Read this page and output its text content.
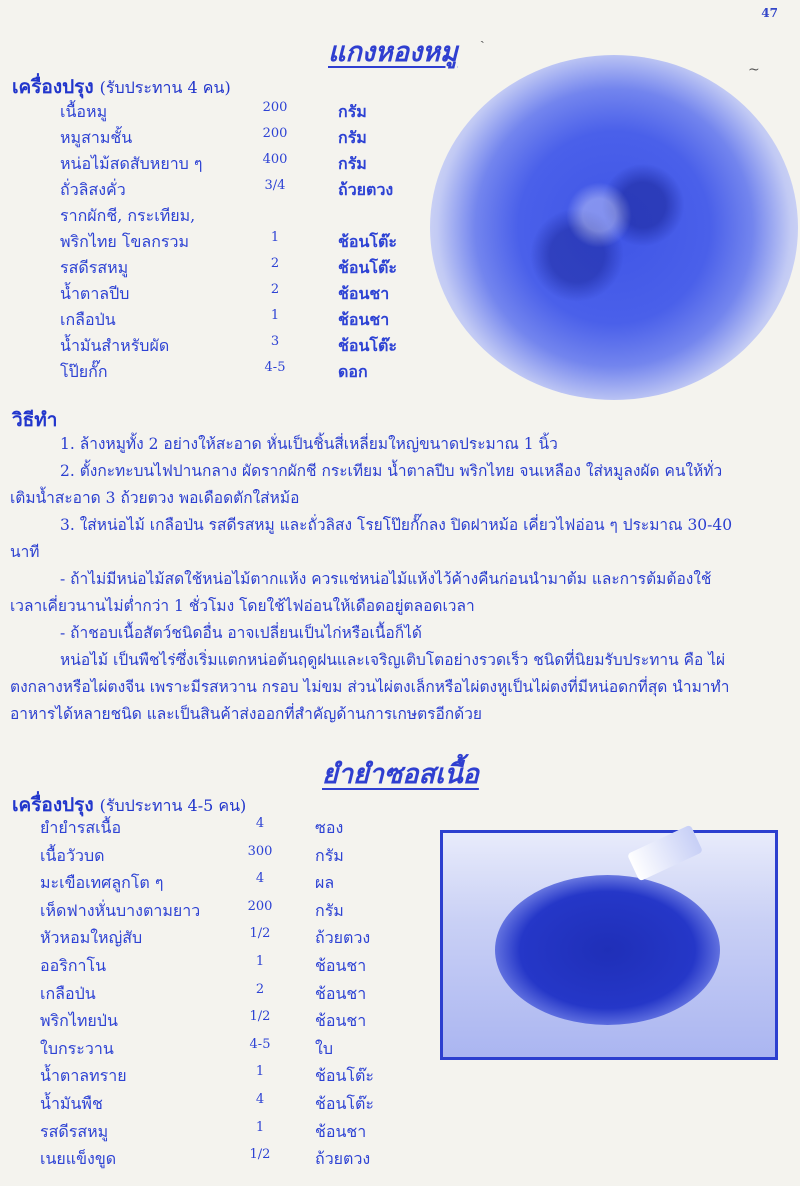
47
ˏ
~
แกงหองหมู
เครื่องปรุง (รับประทาน 4 คน)
เนื้อหมู	200	กรัม
หมูสามชั้น	200	กรัม
หน่อไม้สดสับหยาบ ๆ	400	กรัม
ถั่วลิสงคั่ว	3/4	ถ้วยตวง
รากผักชี, กระเทียม,
พริกไทย โขลกรวม	1	ช้อนโต๊ะ
รสดีรสหมู	2	ช้อนโต๊ะ
น้ำตาลปีบ	2	ช้อนชา
เกลือป่น	1	ช้อนชา
น้ำมันสำหรับผัด	3	ช้อนโต๊ะ
โป๊ยกั๊ก	4-5	ดอก
วิธีทำ
1. ล้างหมูทั้ง 2 อย่างให้สะอาด หั่นเป็นชิ้นสี่เหลี่ยมใหญ่ขนาดประมาณ 1 นิ้ว
2. ตั้งกะทะบนไฟปานกลาง ผัดรากผักชี กระเทียม น้ำตาลปีบ พริกไทย จนเหลือง ใส่หมูลงผัด คนให้ทั่ว
เติมน้ำสะอาด 3 ถ้วยตวง พอเดือดตักใส่หม้อ
3. ใส่หน่อไม้ เกลือป่น รสดีรสหมู และถั่วลิสง โรยโป๊ยกั๊กลง ปิดฝาหม้อ เคี่ยวไฟอ่อน ๆ ประมาณ 30-40
นาที
- ถ้าไม่มีหน่อไม้สดใช้หน่อไม้ตากแห้ง ควรแช่หน่อไม้แห้งไว้ค้างคืนก่อนนำมาต้ม และการต้มต้องใช้
เวลาเคี่ยวนานไม่ต่ำกว่า 1 ชั่วโมง โดยใช้ไฟอ่อนให้เดือดอยู่ตลอดเวลา
- ถ้าชอบเนื้อสัตว์ชนิดอื่น อาจเปลี่ยนเป็นไก่หรือเนื้อก็ได้
หน่อไม้ เป็นพืชไร่ซึ่งเริ่มแตกหน่อต้นฤดูฝนและเจริญเติบโตอย่างรวดเร็ว ชนิดที่นิยมรับประทาน คือ ไผ่
ตงกลางหรือไผ่ตงจีน เพราะมีรสหวาน กรอบ ไม่ขม ส่วนไผ่ตงเล็กหรือไผ่ตงหูเป็นไผ่ตงที่มีหน่อดกที่สุด นำมาทำ
อาหารได้หลายชนิด และเป็นสินค้าส่งออกที่สำคัญด้านการเกษตรอีกด้วย
ยำยำซอสเนื้อ
เครื่องปรุง (รับประทาน 4-5 คน)
ยำยำรสเนื้อ	4	ซอง
เนื้อวัวบด	300	กรัม
มะเขือเทศลูกโต ๆ	4	ผล
เห็ดฟางหั่นบางตามยาว	200	กรัม
หัวหอมใหญ่สับ	1/2	ถ้วยตวง
ออริกาโน	1	ช้อนชา
เกลือป่น	2	ช้อนชา
พริกไทยป่น	1/2	ช้อนชา
ใบกระวาน	4-5	ใบ
น้ำตาลทราย	1	ช้อนโต๊ะ
น้ำมันพืช	4	ช้อนโต๊ะ
รสดีรสหมู	1	ช้อนชา
เนยแข็งขูด	1/2	ถ้วยตวง
